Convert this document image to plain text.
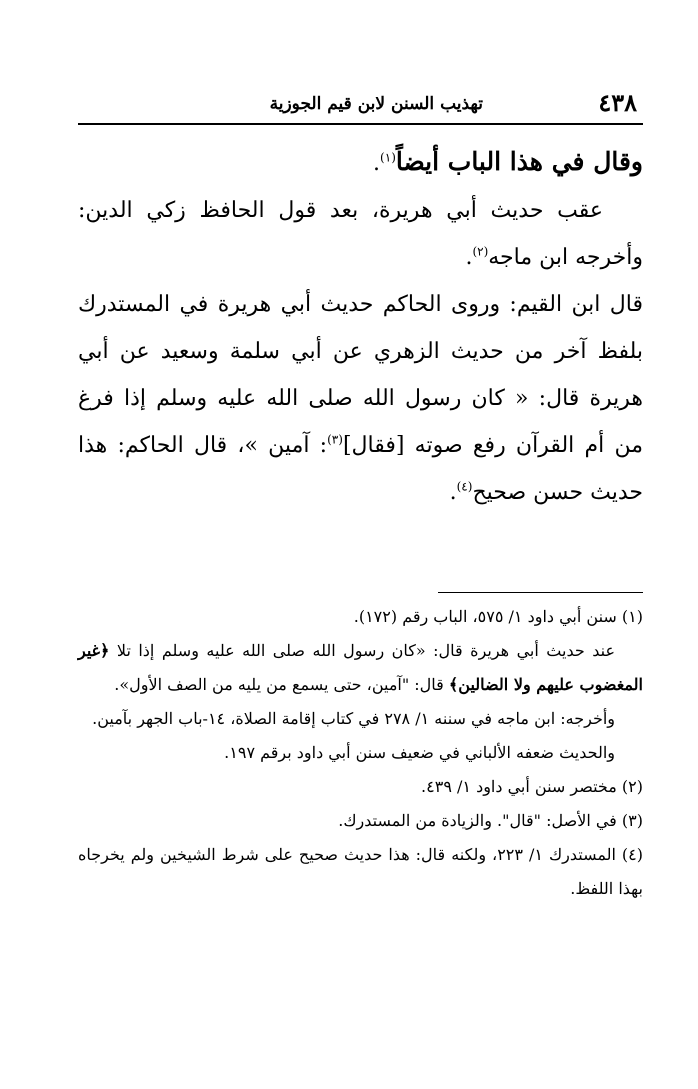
٤٣٨
تهذيب السنن لابن قيم الجوزية

وقال في هذا الباب أيضاً$^{(١)}$.

عقب حديث أبي هريرة، بعد قول الحافظ زكي الدين: وأخرجه ابن ماجه$^{(٢)}$.

قال ابن القيم: وروى الحاكم حديث أبي هريرة في المستدرك بلفظ آخر من حديث الزهري عن أبي سلمة وسعيد عن أبي هريرة قال: « كان رسول الله صلى الله عليه وسلم إذا فرغ من أم القرآن رفع صوته [فقال]$^{(٣)}$: آمين »، قال الحاكم: هذا حديث حسن صحيح$^{(٤)}$.

(١) سنن أبي داود ١/ ٥٧٥، الباب رقم (١٧٢).

عند حديث أبي هريرة قال: «كان رسول الله صلى الله عليه وسلم إذا تلا ﴿غير المغضوب عليهم ولا الضالين﴾ قال: "آمين، حتى يسمع من يليه من الصف الأول».

وأخرجه: ابن ماجه في سننه ١/ ٢٧٨ في كتاب إقامة الصلاة، ١٤-باب الجهر بآمين.

والحديث ضعفه الألباني في ضعيف سنن أبي داود برقم ١٩٧.

(٢) مختصر سنن أبي داود ١/ ٤٣٩.

(٣) في الأصل: "قال". والزيادة من المستدرك.

(٤) المستدرك ١/ ٢٢٣، ولكنه قال: هذا حديث صحيح على شرط الشيخين ولم يخرجاه بهذا اللفظ.
